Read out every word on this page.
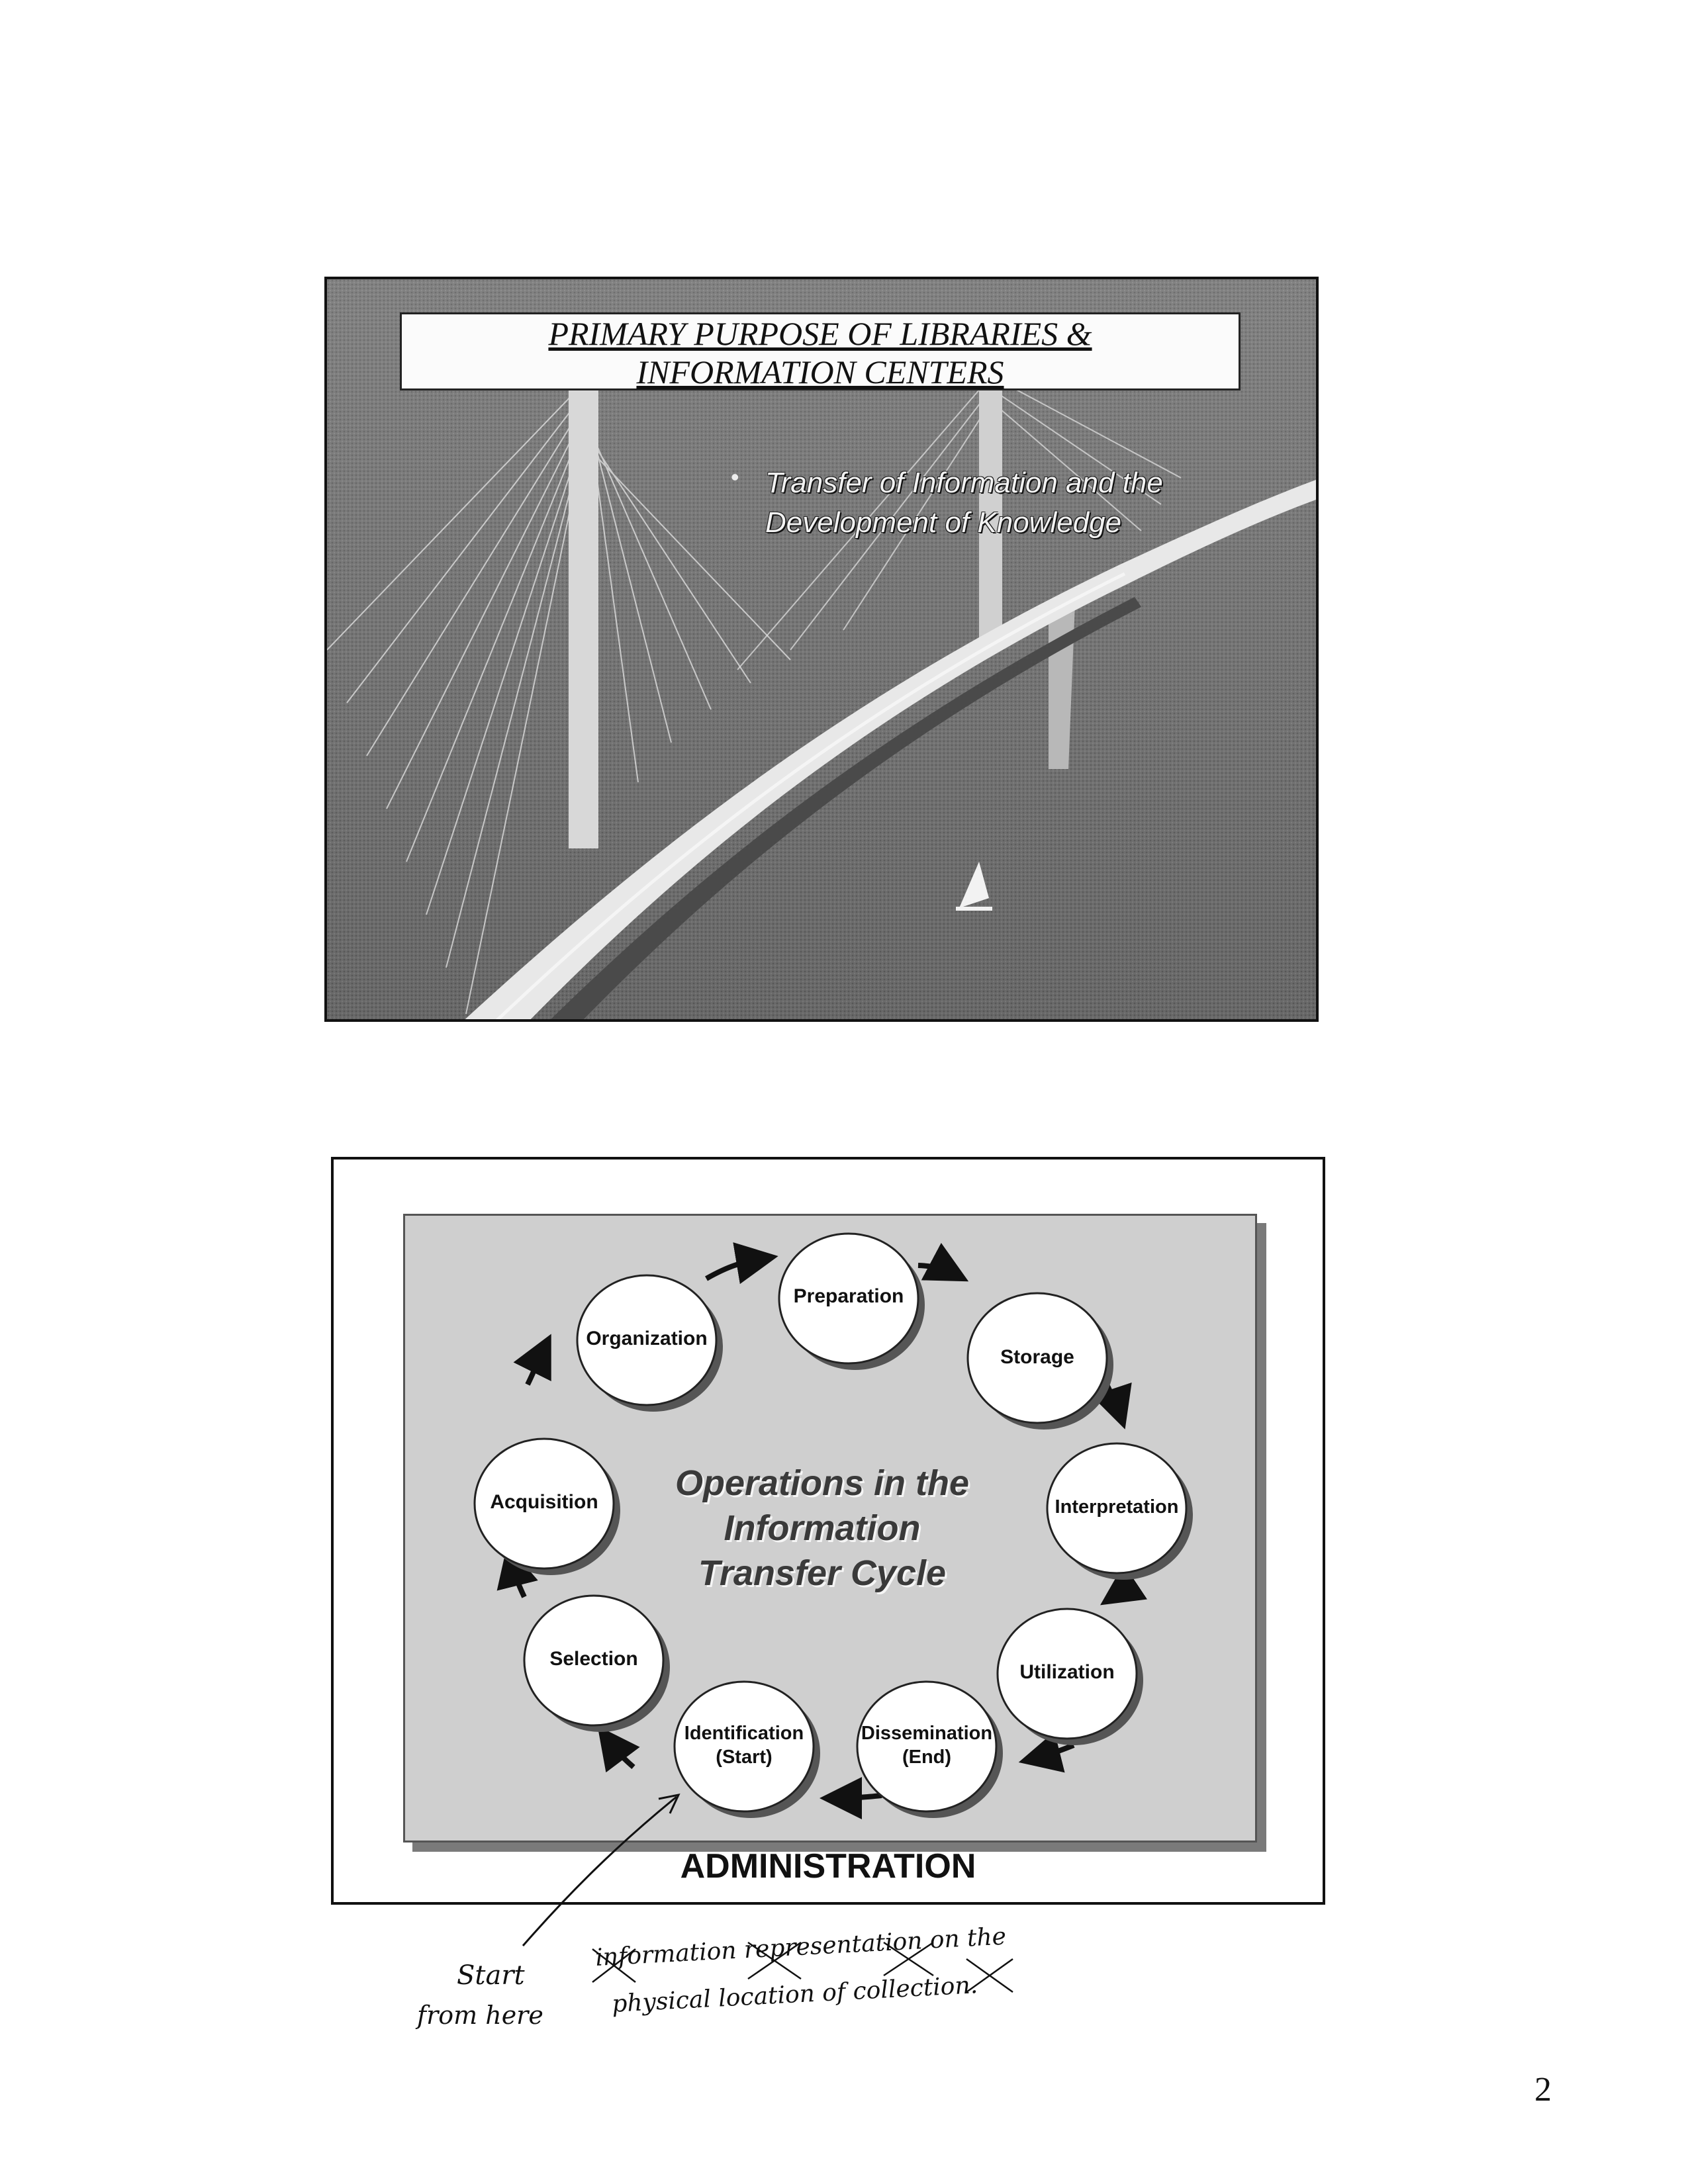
PRIMARY PURPOSE OF LIBRARIES &
INFORMATION CENTERS
• Transfer of Information and the
Development of Knowledge
Preparation
Storage
Interpretation
Utilization
Dissemination
(End)
Identification
(Start)
Selection
Acquisition
Organization
Operations in the
Information
Transfer Cycle
ADMINISTRATION
Start
from here
information representation on the
physical location of collection.
2
